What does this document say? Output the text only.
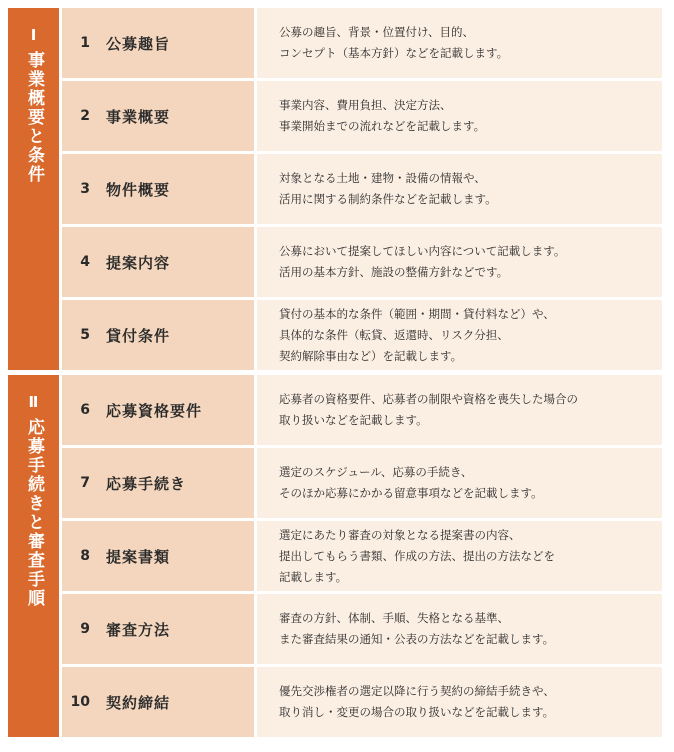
Ⅰ
事業概要と条件
Ⅱ
応募手続きと審査手順
1	公募趣旨
公募の趣旨、背景・位置付け、目的、
コンセプト（基本方針）などを記載します。
2	事業概要
事業内容、費用負担、決定方法、
事業開始までの流れなどを記載します。
3	物件概要
対象となる土地・建物・設備の情報や、
活用に関する制約条件などを記載します。
4	提案内容
公募において提案してほしい内容について記載します。
活用の基本方針、施設の整備方針などです。
5	貸付条件
貸付の基本的な条件（範囲・期間・貸付料など）や、
具体的な条件（転貸、返還時、リスク分担、
契約解除事由など）を記載します。
6	応募資格要件
応募者の資格要件、応募者の制限や資格を喪失した場合の
取り扱いなどを記載します。
7	応募手続き
選定のスケジュール、応募の手続き、
そのほか応募にかかる留意事項などを記載します。
8	提案書類
選定にあたり審査の対象となる提案書の内容、
提出してもらう書類、作成の方法、提出の方法などを
記載します。
9	審査方法
審査の方針、体制、手順、失格となる基準、
また審査結果の通知・公表の方法などを記載します。
10	契約締結
優先交渉権者の選定以降に行う契約の締結手続きや、
取り消し・変更の場合の取り扱いなどを記載します。
